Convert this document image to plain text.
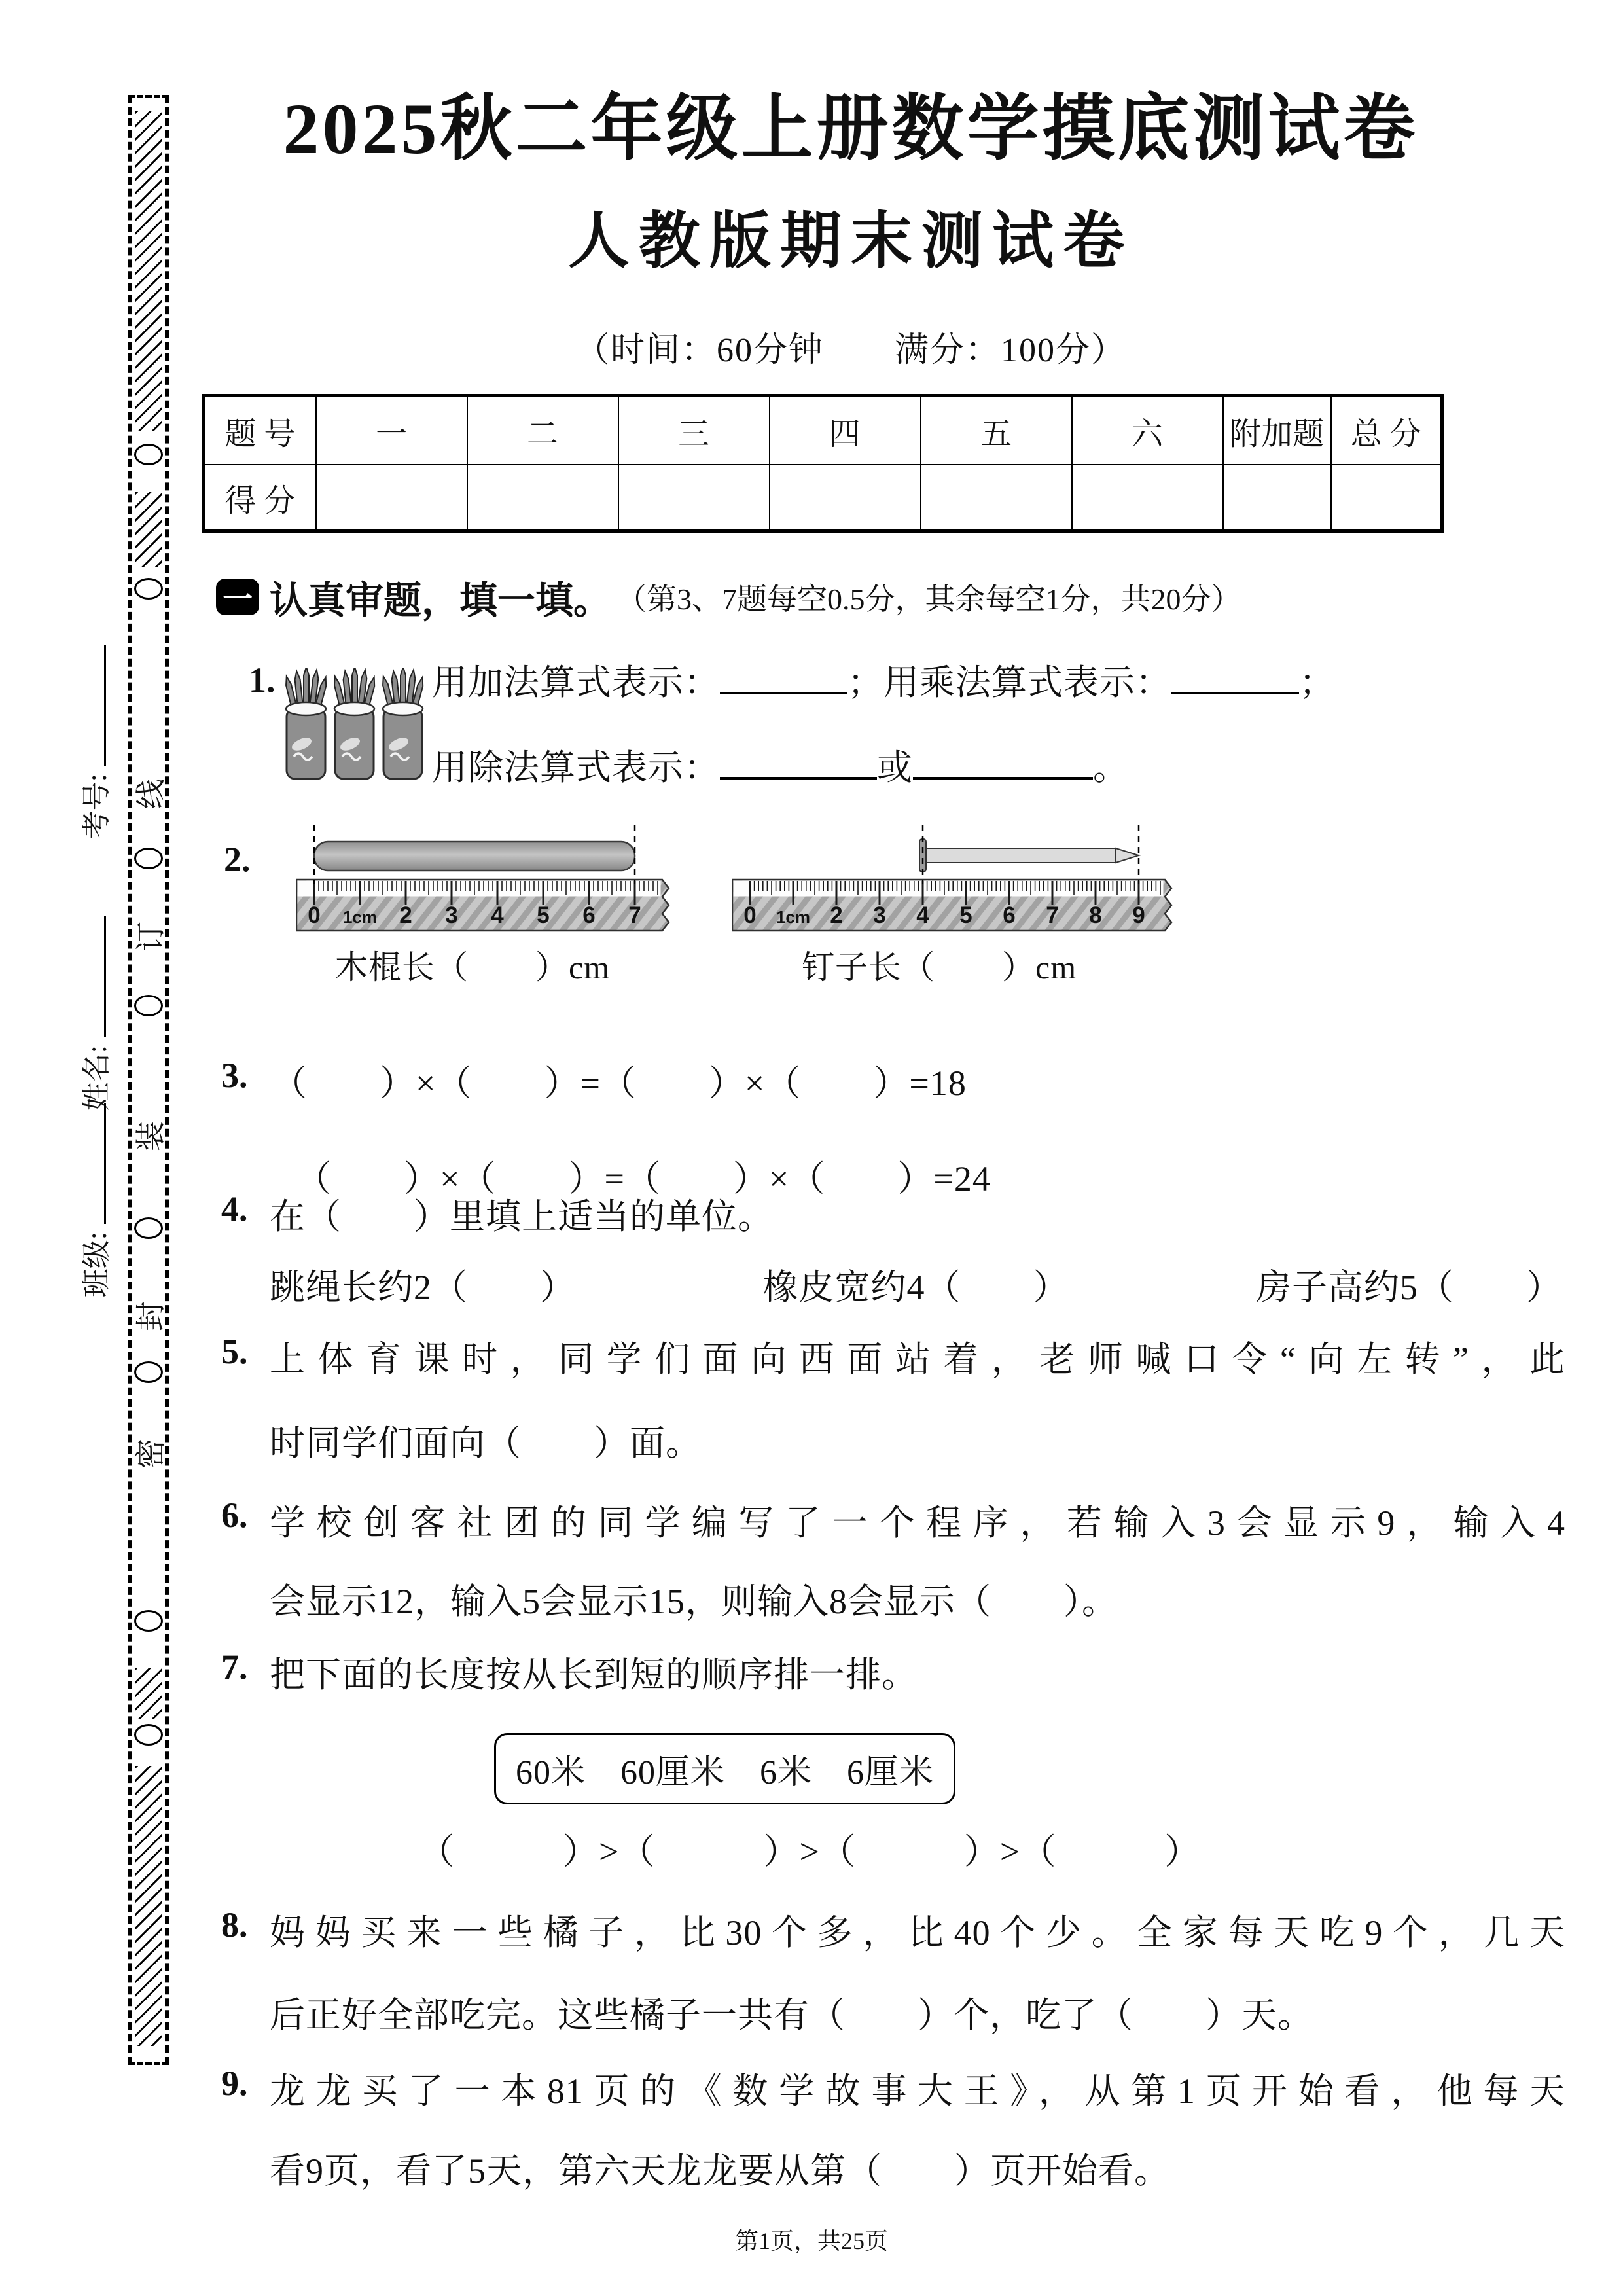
考号:
姓名:
班级:
线
订
装
封
密
2025秋二年级上册数学摸底测试卷
人教版期末测试卷
（时间：60分钟　　满分：100分）
题 号	一	二	三	四	五	六	附加题	总 分
得 分								
一 认真审题，填一填。 （第3、7题每空0.5分，其余每空1分，共20分）
1.	用加法算式表示：	；用乘法算式表示：	；
用除法算式表示：	或	。
2.
0 1cm 2 3 4 5 6 7	0 1cm 2 3 4 5 6 7 8 9
木棍长（　　）cm	钉子长（　　）cm
3. （　　）×（　　）=（　　）×（　　）=18
（　　）×（　　）=（　　）×（　　）=24
4. 在（　　）里填上适当的单位。
跳绳长约2（　　）	橡皮宽约4（　　）	房子高约5（　　）
5. 上体育课时，同学们面向西面站着，老师喊口令“向左转”，此
时同学们面向（　　）面。
6. 学校创客社团的同学编写了一个程序，若输入3会显示9，输入4
会显示12，输入5会显示15，则输入8会显示（　　）。
7. 把下面的长度按从长到短的顺序排一排。
60米　60厘米　6米　6厘米
（　　　）>（　　　）>（　　　）>（　　　）
8. 妈妈买来一些橘子，比30个多，比40个少。全家每天吃9个，几天
后正好全部吃完。这些橘子一共有（　　）个，吃了（　　）天。
9. 龙龙买了一本81页的《数学故事大王》，从第1页开始看，他每天
看9页，看了5天，第六天龙龙要从第（　　）页开始看。
第1页，共25页
